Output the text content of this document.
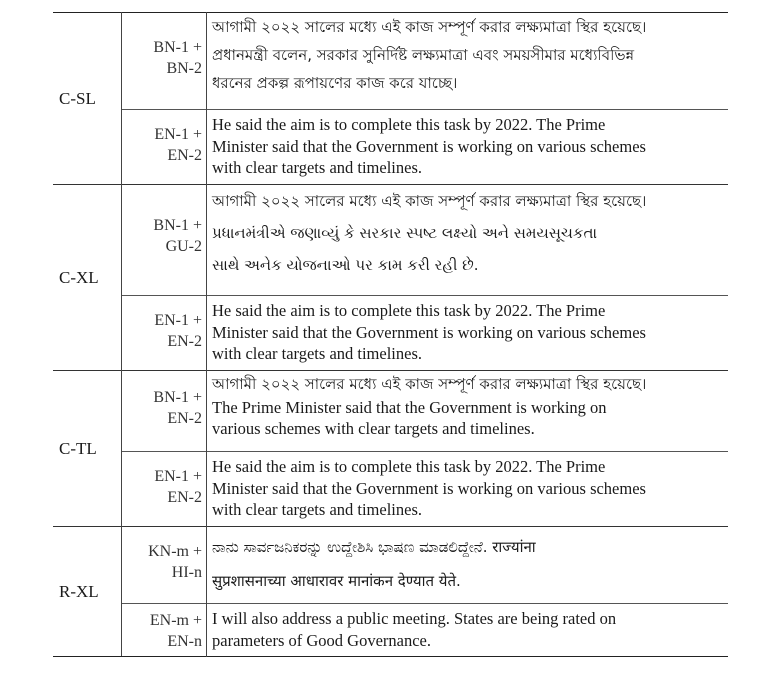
C-SL	BN-1 +
BN-2	আগামী ২০২২ সালের মধ্যে এই কাজ সম্পূর্ণ করার লক্ষ্যমাত্রা স্থির হয়েছে।
প্রধানমন্ত্রী বলেন, সরকার সুনির্দিষ্ট লক্ষ্যমাত্রা এবং সময়সীমার মধ্যেবিভিন্ন
ধরনের প্রকল্প রূপায়ণের কাজ করে যাচ্ছে।

	EN-1 +
EN-2	He said the aim is to complete this task by 2022. The Prime
Minister said that the Government is working on various schemes
with clear targets and timelines.

C-XL	BN-1 +
GU-2	আগামী ২০২২ সালের মধ্যে এই কাজ সম্পূর্ণ করার লক্ষ্যমাত্রা স্থির হয়েছে।
પ્રધાનમંત્રીએ જણાવ્યું કે સરકાર સ્પષ્ટ લક્ષ્યો અને સમયસૂચકતા
સાથે અનેક યોજનાઓ પર કામ કરી રહી છે.

	EN-1 +
EN-2	He said the aim is to complete this task by 2022. The Prime
Minister said that the Government is working on various schemes
with clear targets and timelines.

C-TL	BN-1 +
EN-2	আগামী ২০২২ সালের মধ্যে এই কাজ সম্পূর্ণ করার লক্ষ্যমাত্রা স্থির হয়েছে।
The Prime Minister said that the Government is working on
various schemes with clear targets and timelines.

	EN-1 +
EN-2	He said the aim is to complete this task by 2022. The Prime
Minister said that the Government is working on various schemes
with clear targets and timelines.

R-XL	KN-m +
HI-n	ನಾನು ಸಾರ್ವಜನಿಕರನ್ನು ಉದ್ದೇಶಿಸಿ ಭಾಷಣ ಮಾಡಲಿದ್ದೇನೆ. राज्यांना
सुप्रशासनाच्या आधारावर मानांकन देण्यात येते.

	EN-m +
EN-n	I will also address a public meeting. States are being rated on
parameters of Good Governance.
